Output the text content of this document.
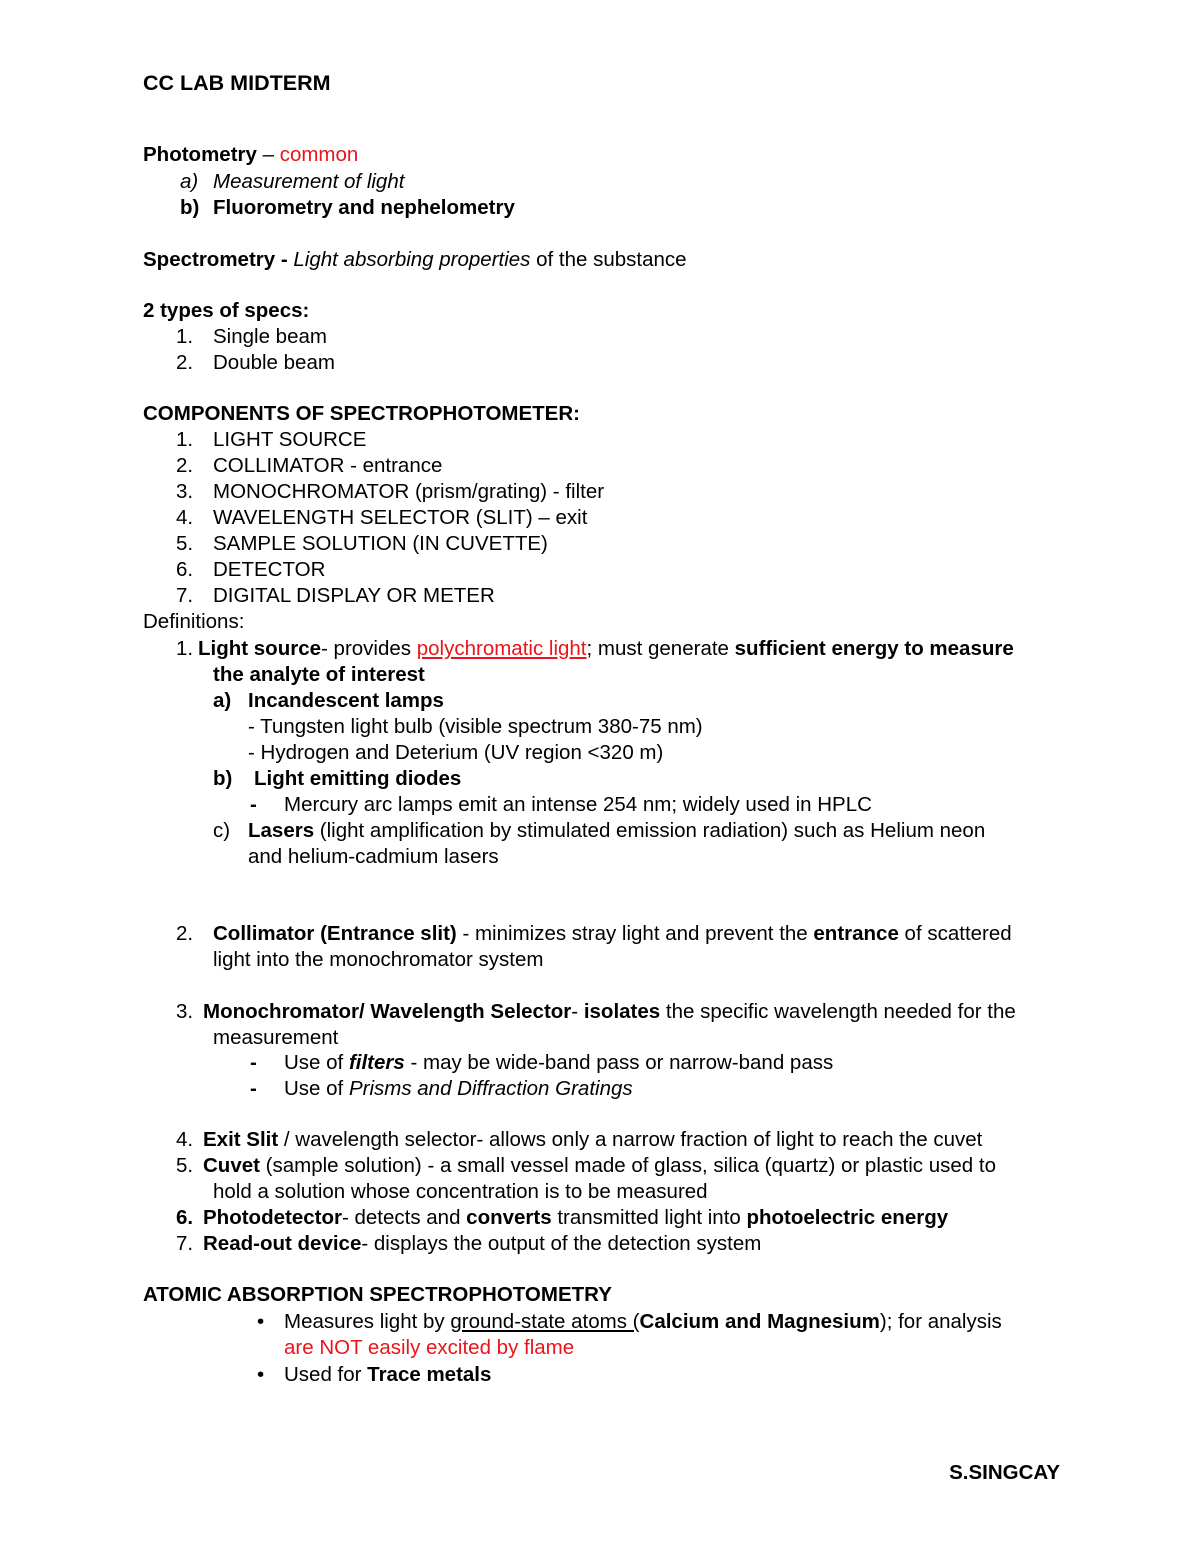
CC LAB MIDTERM
Photometry – common
a) Measurement of light
b) Fluorometry and nephelometry
Spectrometry - Light absorbing properties of the substance
2 types of specs:
1. Single beam
2. Double beam
COMPONENTS OF SPECTROPHOTOMETER:
1. LIGHT SOURCE
2. COLLIMATOR - entrance
3. MONOCHROMATOR (prism/grating) - filter
4. WAVELENGTH SELECTOR (SLIT) – exit
5. SAMPLE SOLUTION (IN CUVETTE)
6. DETECTOR
7. DIGITAL DISPLAY OR METER
Definitions:
1. Light source- provides polychromatic light; must generate sufficient energy to measure
the analyte of interest
a) Incandescent lamps
- Tungsten light bulb (visible spectrum 380-75 nm)
- Hydrogen and Deterium (UV region <320 m)
b) Light emitting diodes
- Mercury arc lamps emit an intense 254 nm; widely used in HPLC
c) Lasers (light amplification by stimulated emission radiation) such as Helium neon
and helium-cadmium lasers
2. Collimator (Entrance slit) - minimizes stray light and prevent the entrance of scattered
light into the monochromator system
3. Monochromator/ Wavelength Selector- isolates the specific wavelength needed for the
measurement
- Use of filters - may be wide-band pass or narrow-band pass
- Use of Prisms and Diffraction Gratings
4. Exit Slit / wavelength selector- allows only a narrow fraction of light to reach the cuvet
5. Cuvet (sample solution) - a small vessel made of glass, silica (quartz) or plastic used to
hold a solution whose concentration is to be measured
6. Photodetector- detects and converts transmitted light into photoelectric energy
7. Read-out device- displays the output of the detection system
ATOMIC ABSORPTION SPECTROPHOTOMETRY
• Measures light by ground-state atoms (Calcium and Magnesium); for analysis
are NOT easily excited by flame
• Used for Trace metals
S.SINGCAY
